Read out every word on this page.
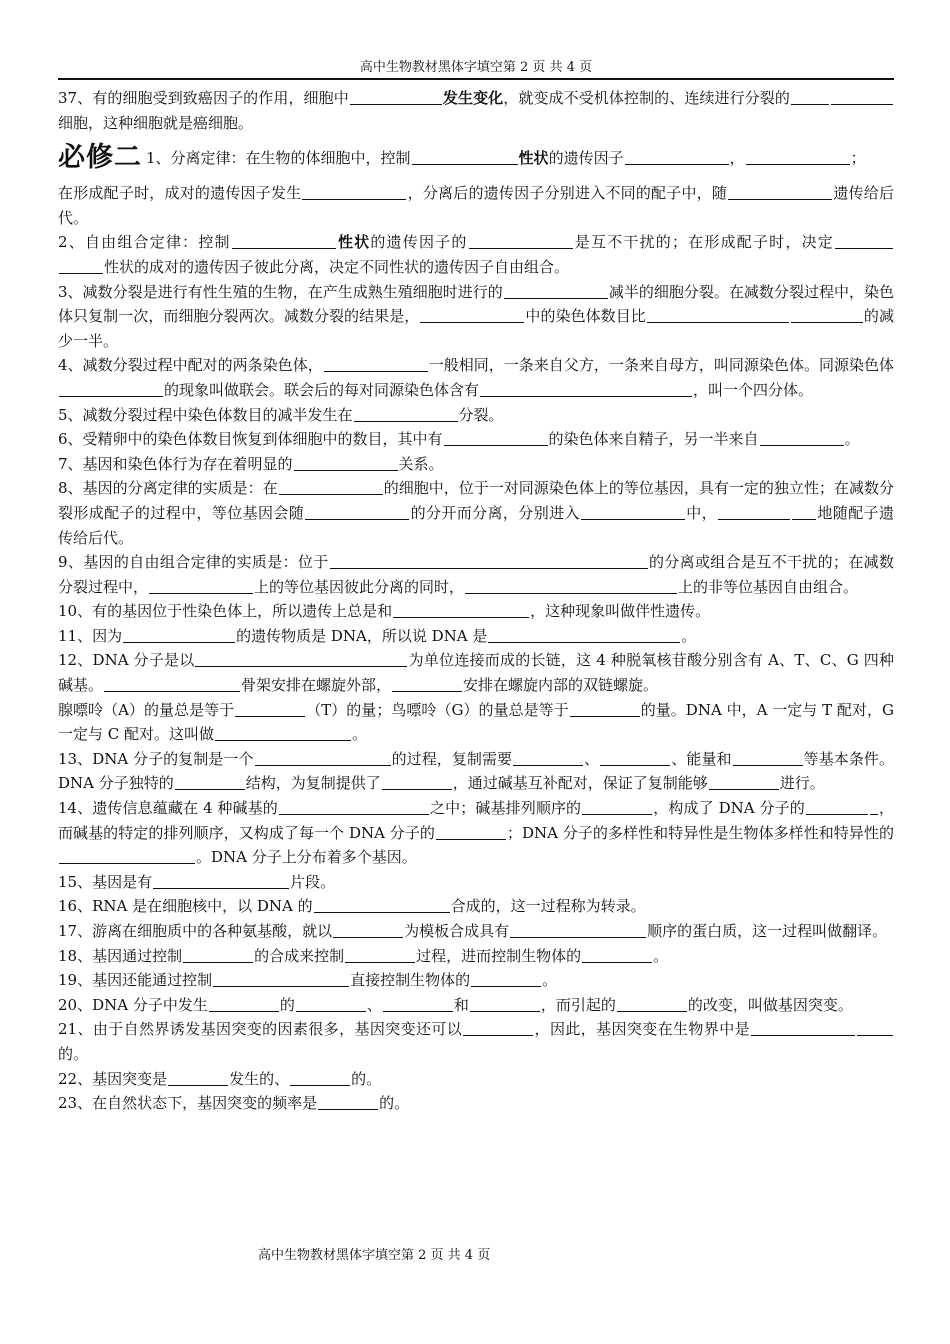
高中生物教材黑体字填空第 2 页 共 4 页

37、有的细胞受到致癌因子的作用，细胞中	发生变化，就变成不受机体控制的、连续进行分裂的细胞，这种细胞就是癌细胞。

必修二 1、分离定律：在生物的体细胞中，控制	性状的遗传因子	，	；

在形成配子时，成对的遗传因子发生	，分离后的遗传因子分别进入不同的配子中，随	遗传给后代。

2、自由组合定律：控制	性状的遗传因子的	是互不干扰的；在形成配子时，决定性状的成对的遗传因子彼此分离，决定不同性状的遗传因子自由组合。

3、减数分裂是进行有性生殖的生物，在产生成熟生殖细胞时进行的	减半的细胞分裂。在减数分裂过程中，染色体只复制一次，而细胞分裂两次。减数分裂的结果是，	中的染色体数目比	的减少一半。

4、减数分裂过程中配对的两条染色体，	一般相同，一条来自父方，一条来自母方，叫同源染色体。同源染色体的现象叫做联会。联会后的每对同源染色体含有	，叫一个四分体。

5、减数分裂过程中染色体数目的减半发生在	分裂。

6、受精卵中的染色体数目恢复到体细胞中的数目，其中有	的染色体来自精子，另一半来自	。

7、基因和染色体行为存在着明显的	关系。

8、基因的分离定律的实质是：在	的细胞中，位于一对同源染色体上的等位基因，具有一定的独立性；在减数分裂形成配子的过程中，等位基因会随	的分开而分离，分别进入	中，	地随配子遗传给后代。

9、基因的自由组合定律的实质是：位于	的分离或组合是互不干扰的；在减数分裂过程中，	上的等位基因彼此分离的同时，	上的非等位基因自由组合。

10、有的基因位于性染色体上，所以遗传上总是和	，这种现象叫做伴性遗传。

11、因为	的遗传物质是 DNA，所以说 DNA 是	。

12、DNA 分子是以	为单位连接而成的长链，这 4 种脱氧核苷酸分别含有 A、T、C、G 四种碱基。	骨架安排在螺旋外部，	安排在螺旋内部的双链螺旋。

腺嘌呤（A）的量总是等于	（T）的量；鸟嘌呤（G）的量总是等于	的量。DNA 中，A 一定与 T 配对，G 一定与 C 配对。这叫做	。

13、DNA 分子的复制是一个	的过程，复制需要	、	、能量和	等基本条件。DNA 分子独特的	结构，为复制提供了	，通过碱基互补配对，保证了复制能够	进行。

14、遗传信息蕴藏在 4 种碱基的	之中；碱基排列顺序的	，构成了 DNA 分子的	，而碱基的特定的排列顺序，又构成了每一个 DNA 分子的	；DNA 分子的多样性和特异性是生物体多样性和特异性的。DNA 分子上分布着多个基因。

15、基因是有	片段。

16、RNA 是在细胞核中，以 DNA 的	合成的，这一过程称为转录。

17、游离在细胞质中的各种氨基酸，就以	为模板合成具有	顺序的蛋白质，这一过程叫做翻译。

18、基因通过控制	的合成来控制	过程，进而控制生物体的	。

19、基因还能通过控制	直接控制生物体的	。

20、DNA 分子中发生	的	、	和	，而引起的	的改变，叫做基因突变。

21、由于自然界诱发基因突变的因素很多，基因突变还可以	，因此，基因突变在生物界中是的。

22、基因突变是	发生的、	的。

23、在自然状态下，基因突变的频率是	的。

高中生物教材黑体字填空第 2 页 共 4 页
